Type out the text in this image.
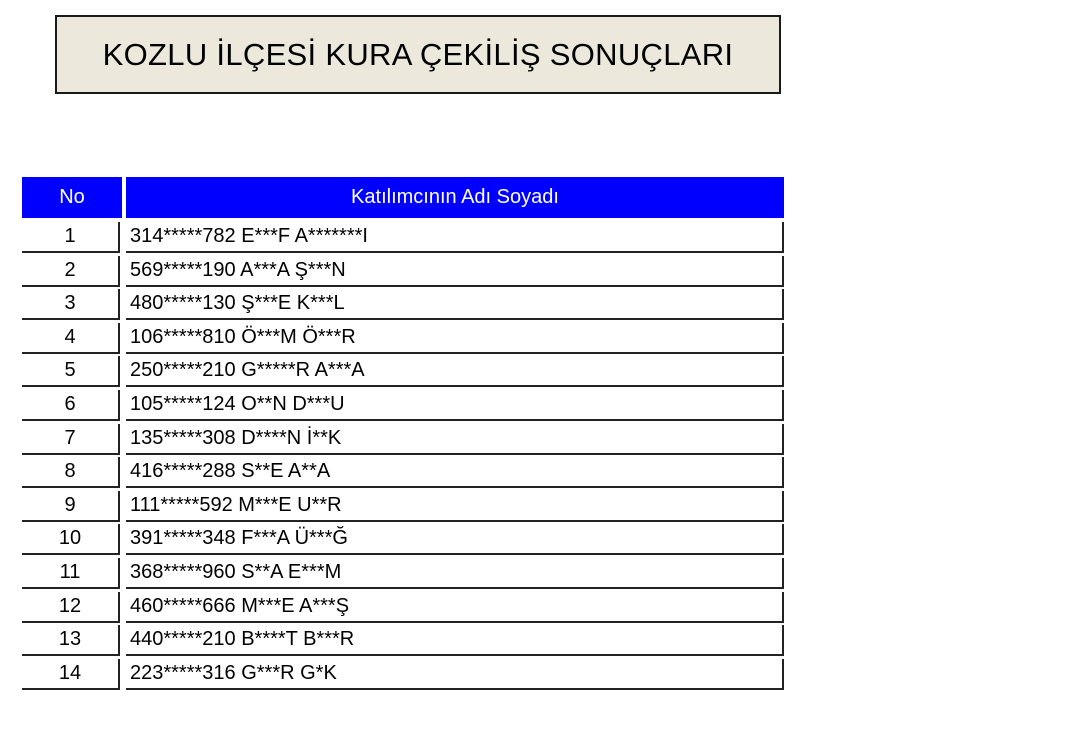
KOZLU İLÇESİ KURA ÇEKİLİŞ SONUÇLARI
No	Katılımcının Adı Soyadı
1	314*****782 E***F A*******I
2	569*****190 A***A Ş***N
3	480*****130 Ş***E K***L
4	106*****810 Ö***M Ö***R
5	250*****210 G*****R A***A
6	105*****124 O**N D***U
7	135*****308 D****N İ**K
8	416*****288 S**E A**A
9	111*****592 M***E U**R
10	391*****348 F***A Ü***Ğ
11	368*****960 S**A E***M
12	460*****666 M***E A***Ş
13	440*****210 B****T B***R
14	223*****316 G***R G*K
